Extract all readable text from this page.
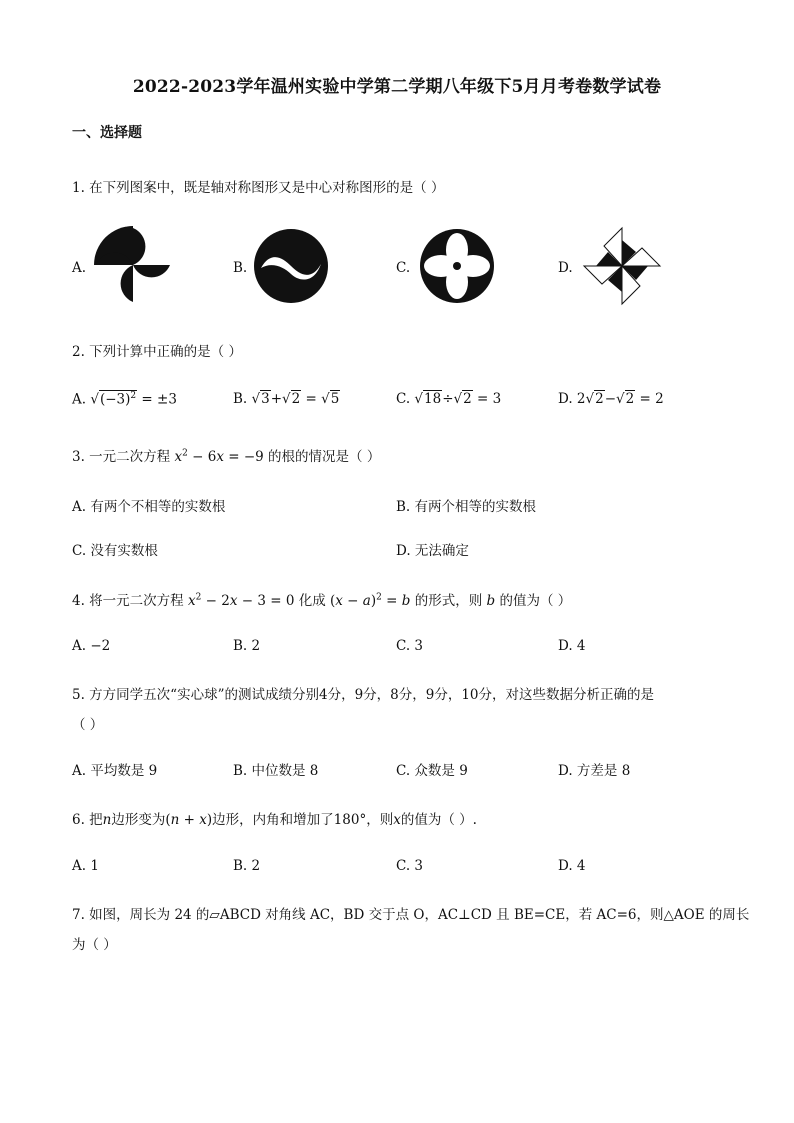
2022-2023学年温州实验中学第二学期八年级下5月月考卷数学试卷
一、选择题
1. 在下列图案中，既是轴对称图形又是中心对称图形的是（ ）
A.	B.	C.	D.
2. 下列计算中正确的是（ ）
A. $√(-3)^2 = \pm 3$	B. √3+√2 = √5	C. √18÷√2 = 3	D. 2√2−√2 = 2
3. 一元二次方程 $x^2 - 6x = -9$ 的根的情况是（ ）
A. 有两个不相等的实数根	B. 有两个相等的实数根
C. 没有实数根	D. 无法确定
4. 将一元二次方程 $x^2 - 2x - 3 = 0$ 化成 $(x - a)^2 = b$ 的形式，则 b 的值为（ ）
A. −2	B. 2	C. 3	D. 4
5. 方方同学五次“实心球”的测试成绩分别4分，9分，8分，9分，10分，对这些数据分析正确的是
（ ）
A. 平均数是 9	B. 中位数是 8	C. 众数是 9	D. 方差是 8
6. 把n边形变为(n + x)边形，内角和增加了180°，则x的值为（ ）.
A. 1	B. 2	C. 3	D. 4
7. 如图，周长为 24 的▱ABCD 对角线 AC，BD 交于点 O，AC⊥CD 且 BE=CE，若 AC=6，则△AOE 的周长
为（ ）
